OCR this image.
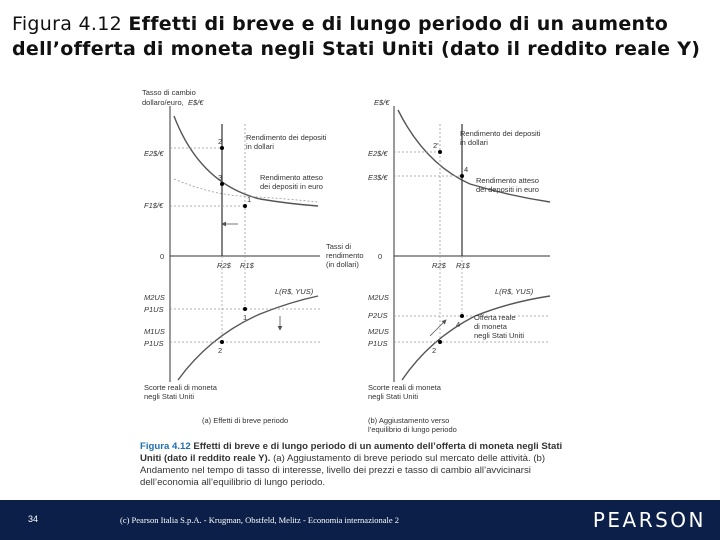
Figura 4.12 Effetti di breve e di lungo periodo di un aumento dell’offerta di moneta negli Stati Uniti (dato il reddito reale Y)
Tasso di cambio
dollaro/euro, E$/€
E2$/€
F1$/€
Rendimento dei depositi
in dollari
Rendimento atteso
dei depositi in euro
2
3
1
0
R2$ R1$
Tassi di
rendimento
(in dollari)
1
2
L(R$, YUS)
M2US
P1US
M1US
P1US
Scorte reali di moneta
negli Stati Uniti
(a) Effetti di breve periodo
E$/€
E2$/€
E3$/€
Rendimento dei depositi
in dollari
Rendimento atteso
dei depositi in euro
2'
4
0
R2$ R1$
4
2
L(R$, YUS)
Offerta reale
di moneta
negli Stati Uniti
M2US
P2US
M2US
P1US
Scorte reali di moneta
negli Stati Uniti
(b) Aggiustamento verso
l’equilibrio di lungo periodo
Figura 4.12 Effetti di breve e di lungo periodo di un aumento dell’offerta di moneta negli Stati Uniti (dato il reddito reale Y). (a) Aggiustamento di breve periodo sul mercato delle attività. (b) Andamento nel tempo di tasso di interesse, livello dei prezzi e tasso di cambio all’avvicinarsi dell’economia all’equilibrio di lungo periodo.
34	(c) Pearson Italia S.p.A. - Krugman, Obstfeld, Melitz - Economia internazionale 2	PEARSON
